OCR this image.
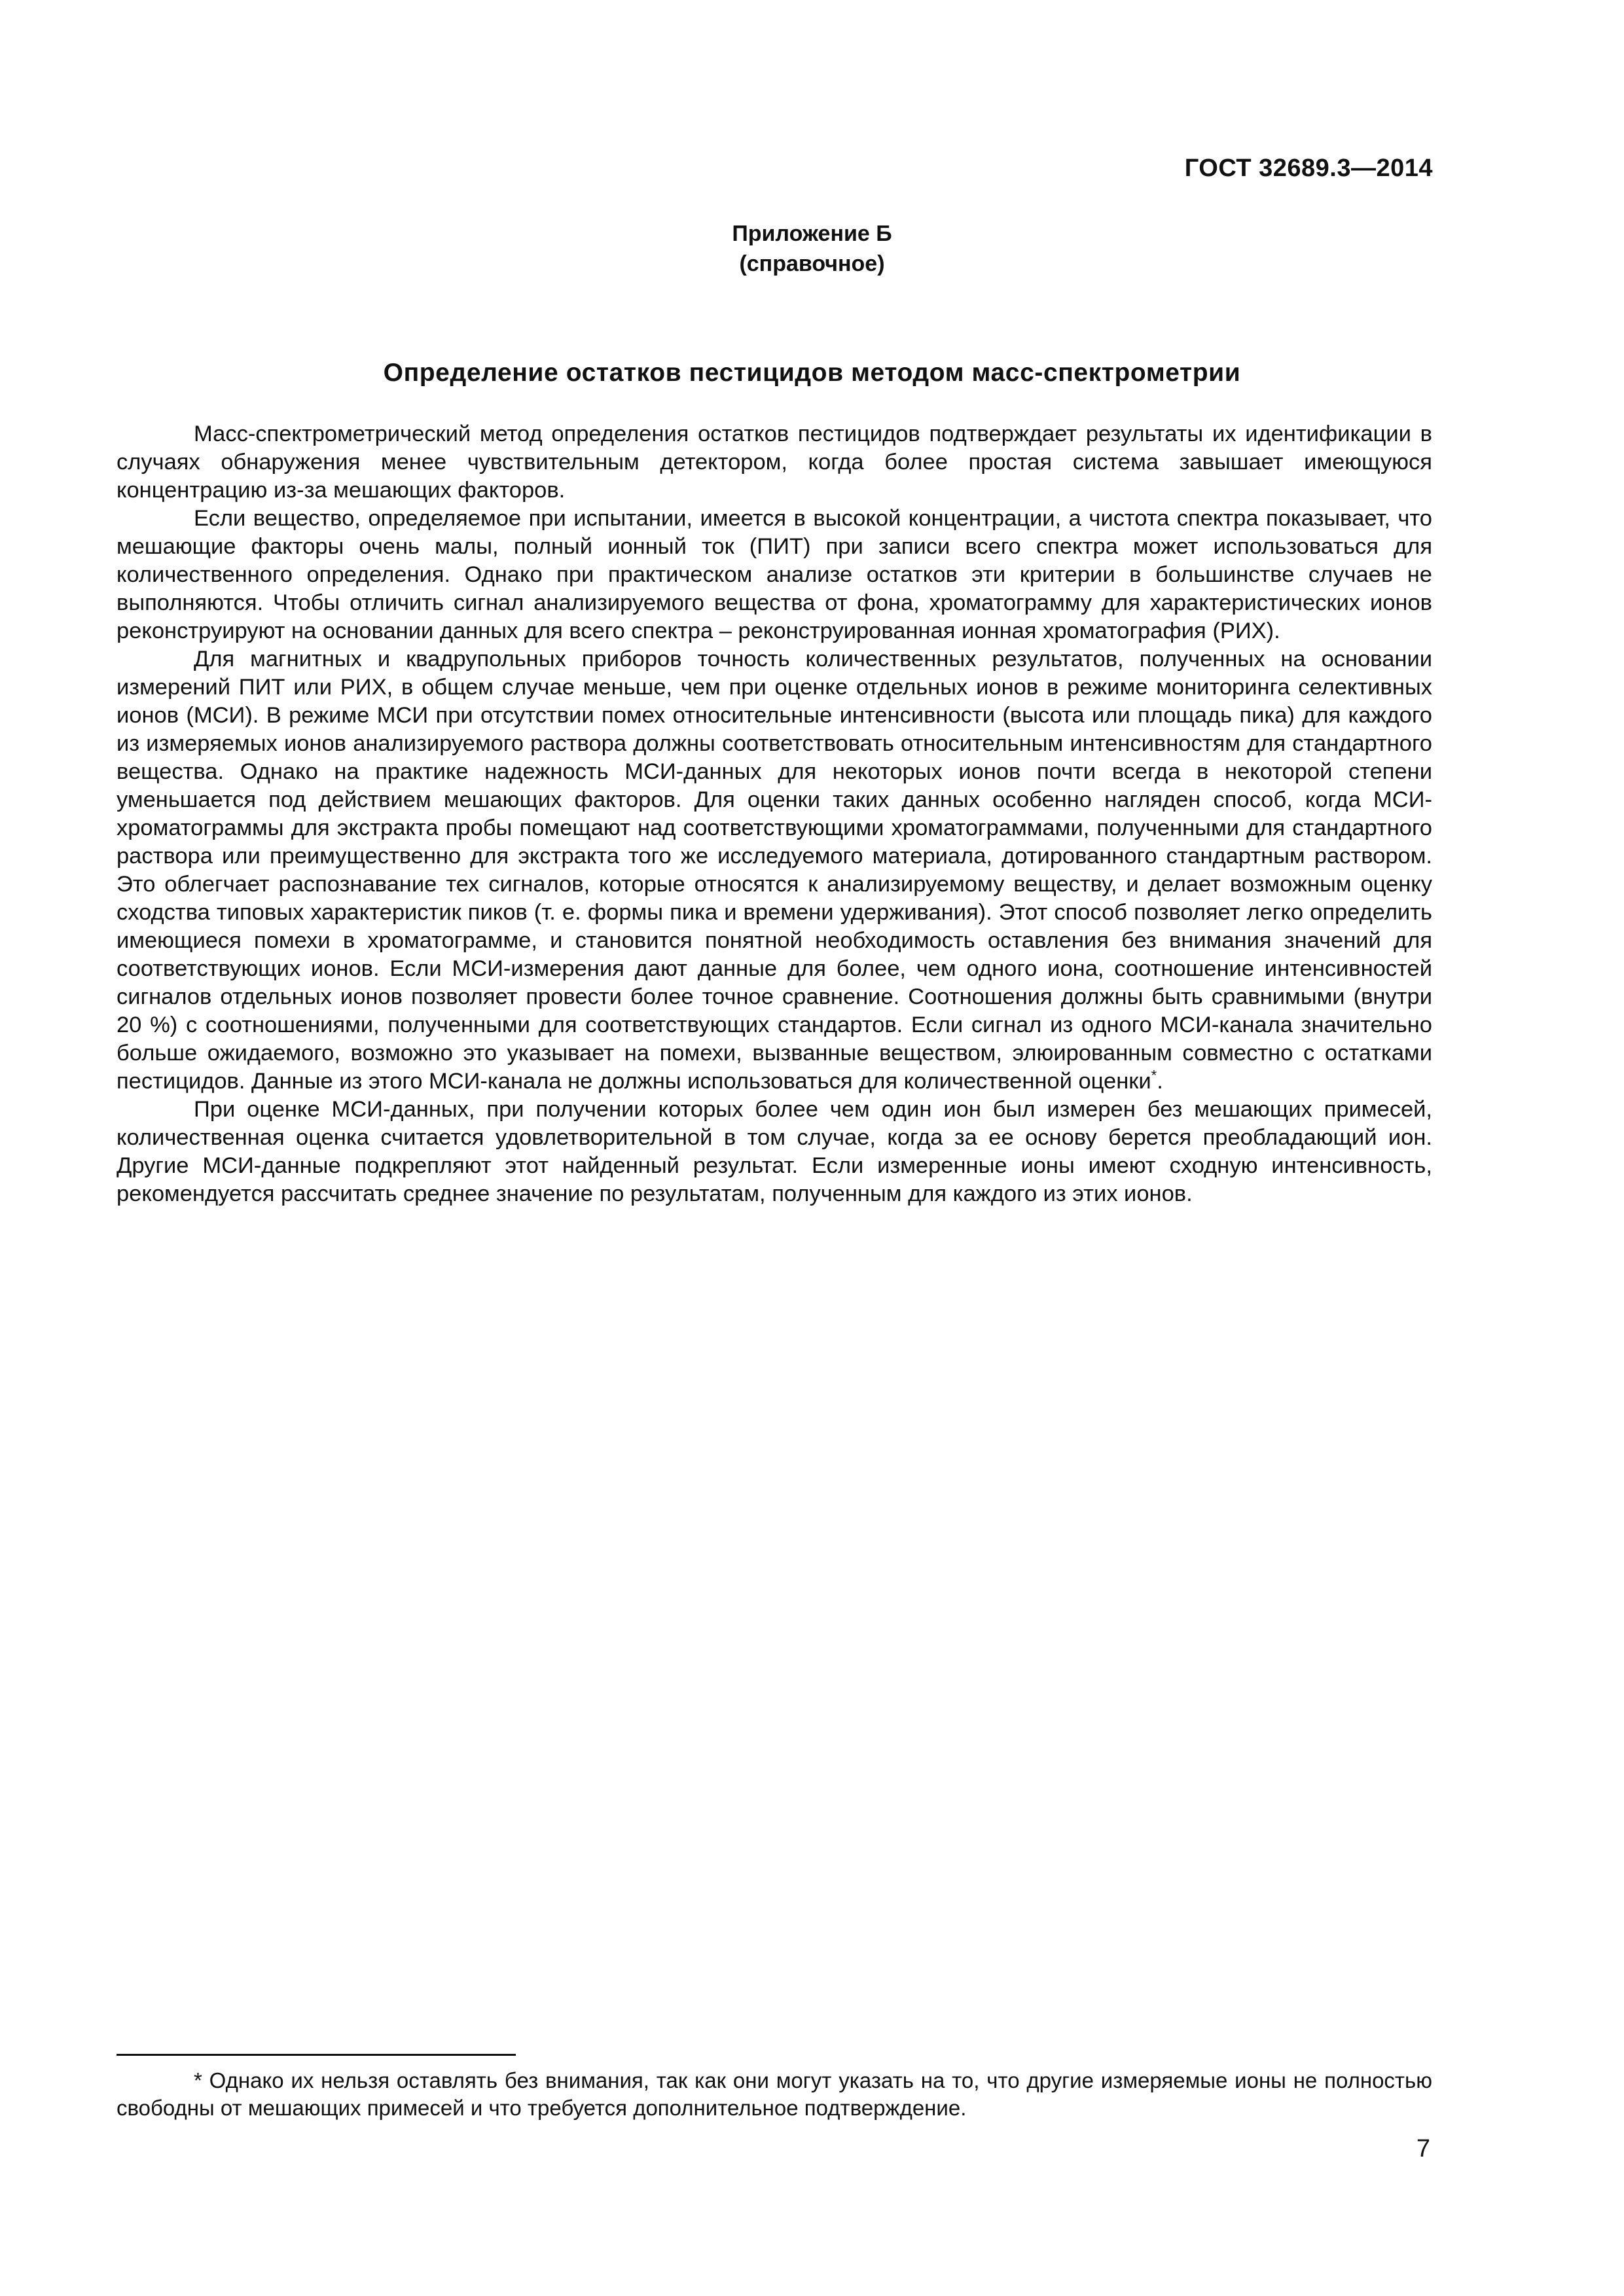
ГОСТ 32689.3—2014
Приложение Б
(справочное)
Определение остатков пестицидов методом масс-спектрометрии

Масс-спектрометрический метод определения остатков пестицидов подтверждает результаты их идентификации в случаях обнаружения менее чувствительным детектором, когда более простая система завышает имеющуюся концентрацию из-за мешающих факторов.

Если вещество, определяемое при испытании, имеется в высокой концентрации, а чистота спектра показывает, что мешающие факторы очень малы, полный ионный ток (ПИТ) при записи всего спектра может использоваться для количественного определения. Однако при практическом анализе остатков эти критерии в большинстве случаев не выполняются. Чтобы отличить сигнал анализируемого вещества от фона, хроматограмму для характеристических ионов реконструируют на основании данных для всего спектра – реконструированная ионная хроматография (РИХ).

Для магнитных и квадрупольных приборов точность количественных результатов, полученных на основании измерений ПИТ или РИХ, в общем случае меньше, чем при оценке отдельных ионов в режиме мониторинга селективных ионов (МСИ). В режиме МСИ при отсутствии помех относительные интенсивности (высота или площадь пика) для каждого из измеряемых ионов анализируемого раствора должны соответствовать относительным интенсивностям для стандартного вещества. Однако на практике надежность МСИ-данных для некоторых ионов почти всегда в некоторой степени уменьшается под действием мешающих факторов. Для оценки таких данных особенно нагляден способ, когда МСИ-хроматограммы для экстракта пробы помещают над соответствующими хроматограммами, полученными для стандартного раствора или преимущественно для экстракта того же исследуемого материала, дотированного стандартным раствором. Это облегчает распознавание тех сигналов, которые относятся к анализируемому веществу, и делает возможным оценку сходства типовых характеристик пиков (т. е. формы пика и времени удерживания). Этот способ позволяет легко определить имеющиеся помехи в хроматограмме, и становится понятной необходимость оставления без внимания значений для соответствующих ионов. Если МСИ-измерения дают данные для более, чем одного иона, соотношение интенсивностей сигналов отдельных ионов позволяет провести более точное сравнение. Соотношения должны быть сравнимыми (внутри 20 %) с соотношениями, полученными для соответствующих стандартов. Если сигнал из одного МСИ-канала значительно больше ожидаемого, возможно это указывает на помехи, вызванные веществом, элюированным совместно с остатками пестицидов. Данные из этого МСИ-канала не должны использоваться для количественной оценки*.

При оценке МСИ-данных, при получении которых более чем один ион был измерен без мешающих примесей, количественная оценка считается удовлетворительной в том случае, когда за ее основу берется преобладающий ион. Другие МСИ-данные подкрепляют этот найденный результат. Если измеренные ионы имеют сходную интенсивность, рекомендуется рассчитать среднее значение по результатам, полученным для каждого из этих ионов.

* Однако их нельзя оставлять без внимания, так как они могут указать на то, что другие измеряемые ионы не полностью свободны от мешающих примесей и что требуется дополнительное подтверждение.

7
